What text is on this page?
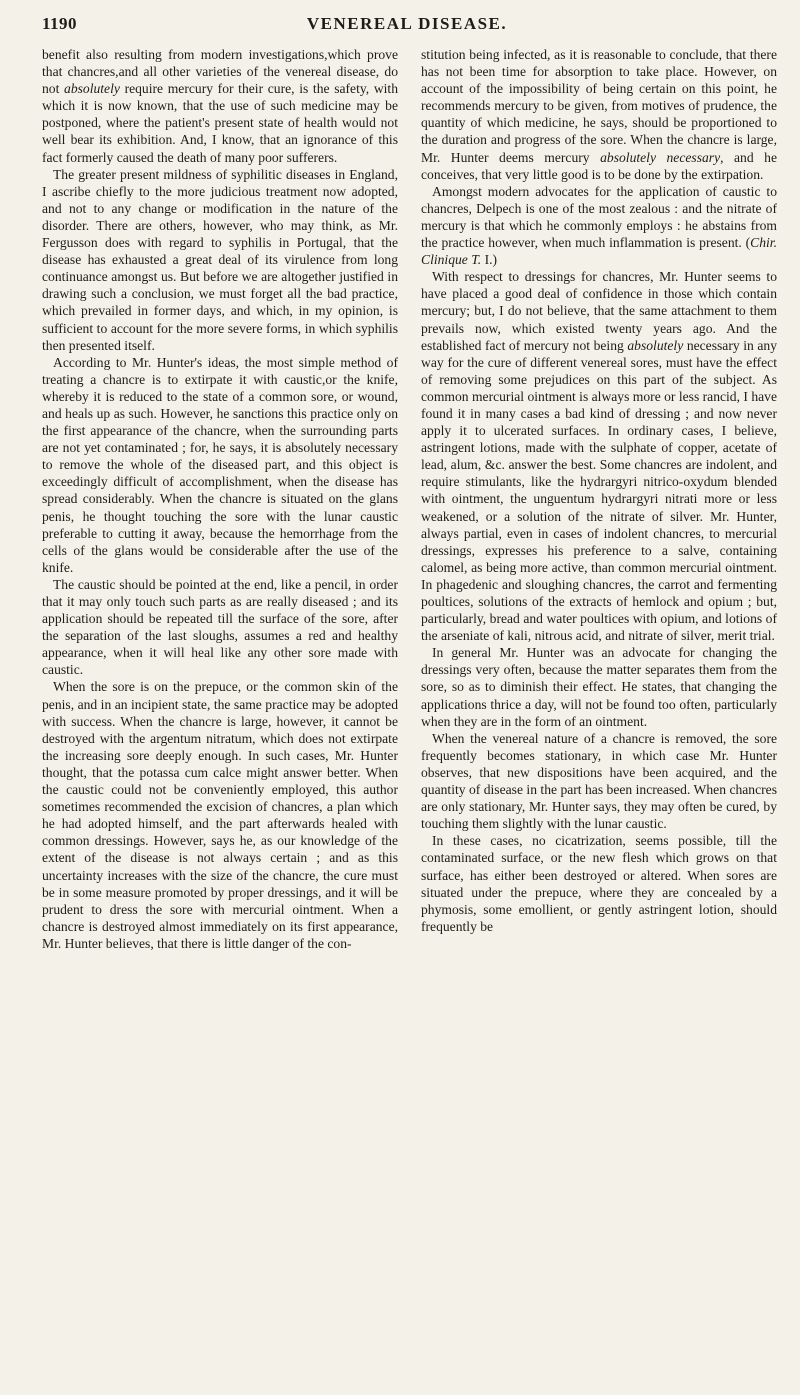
1190	VENEREAL DISEASE.

benefit also resulting from modern investigations,which prove that chancres,and all other varieties of the venereal disease, do not absolutely require mercury for their cure, is the safety, with which it is now known, that the use of such medicine may be postponed, where the patient's present state of health would not well bear its exhibition. And, I know, that an ignorance of this fact formerly caused the death of many poor sufferers.

The greater present mildness of syphilitic diseases in England, I ascribe chiefly to the more judicious treatment now adopted, and not to any change or modification in the nature of the disorder. There are others, however, who may think, as Mr. Fergusson does with regard to syphilis in Portugal, that the disease has exhausted a great deal of its virulence from long continuance amongst us. But before we are altogether justified in drawing such a conclusion, we must forget all the bad practice, which prevailed in former days, and which, in my opinion, is sufficient to account for the more severe forms, in which syphilis then presented itself.

According to Mr. Hunter's ideas, the most simple method of treating a chancre is to extirpate it with caustic,or the knife, whereby it is reduced to the state of a common sore, or wound, and heals up as such. However, he sanctions this practice only on the first appearance of the chancre, when the surrounding parts are not yet contaminated ; for, he says, it is absolutely necessary to remove the whole of the diseased part, and this object is exceedingly difficult of accomplishment, when the disease has spread considerably. When the chancre is situated on the glans penis, he thought touching the sore with the lunar caustic preferable to cutting it away, because the hemorrhage from the cells of the glans would be considerable after the use of the knife.

The caustic should be pointed at the end, like a pencil, in order that it may only touch such parts as are really diseased ; and its application should be repeated till the surface of the sore, after the separation of the last sloughs, assumes a red and healthy appearance, when it will heal like any other sore made with caustic.

When the sore is on the prepuce, or the common skin of the penis, and in an incipient state, the same practice may be adopted with success. When the chancre is large, however, it cannot be destroyed with the argentum nitratum, which does not extirpate the increasing sore deeply enough. In such cases, Mr. Hunter thought, that the potassa cum calce might answer better. When the caustic could not be conveniently employed, this author sometimes recommended the excision of chancres, a plan which he had adopted himself, and the part afterwards healed with common dressings. However, says he, as our knowledge of the extent of the disease is not always certain ; and as this uncertainty increases with the size of the chancre, the cure must be in some measure promoted by proper dressings, and it will be prudent to dress the sore with mercurial ointment. When a chancre is destroyed almost immediately on its first appearance, Mr. Hunter believes, that there is little danger of the con-

stitution being infected, as it is reasonable to conclude, that there has not been time for absorption to take place. However, on account of the impossibility of being certain on this point, he recommends mercury to be given, from motives of prudence, the quantity of which medicine, he says, should be proportioned to the duration and progress of the sore. When the chancre is large, Mr. Hunter deems mercury absolutely necessary, and he conceives, that very little good is to be done by the extirpation.

Amongst modern advocates for the application of caustic to chancres, Delpech is one of the most zealous : and the nitrate of mercury is that which he commonly employs : he abstains from the practice however, when much inflammation is present. (Chir. Clinique T. I.)

With respect to dressings for chancres, Mr. Hunter seems to have placed a good deal of confidence in those which contain mercury; but, I do not believe, that the same attachment to them prevails now, which existed twenty years ago. And the established fact of mercury not being absolutely necessary in any way for the cure of different venereal sores, must have the effect of removing some prejudices on this part of the subject. As common mercurial ointment is always more or less rancid, I have found it in many cases a bad kind of dressing ; and now never apply it to ulcerated surfaces. In ordinary cases, I believe, astringent lotions, made with the sulphate of copper, acetate of lead, alum, &c. answer the best. Some chancres are indolent, and require stimulants, like the hydrargyri nitrico-oxydum blended with ointment, the unguentum hydrargyri nitrati more or less weakened, or a solution of the nitrate of silver. Mr. Hunter, always partial, even in cases of indolent chancres, to mercurial dressings, expresses his preference to a salve, containing calomel, as being more active, than common mercurial ointment. In phagedenic and sloughing chancres, the carrot and fermenting poultices, solutions of the extracts of hemlock and opium ; but, particularly, bread and water poultices with opium, and lotions of the arseniate of kali, nitrous acid, and nitrate of silver, merit trial.

In general Mr. Hunter was an advocate for changing the dressings very often, because the matter separates them from the sore, so as to diminish their effect. He states, that changing the applications thrice a day, will not be found too often, particularly when they are in the form of an ointment.

When the venereal nature of a chancre is removed, the sore frequently becomes stationary, in which case Mr. Hunter observes, that new dispositions have been acquired, and the quantity of disease in the part has been increased. When chancres are only stationary, Mr. Hunter says, they may often be cured, by touching them slightly with the lunar caustic.

In these cases, no cicatrization, seems possible, till the contaminated surface, or the new flesh which grows on that surface, has either been destroyed or altered. When sores are situated under the prepuce, where they are concealed by a phymosis, some emollient, or gently astringent lotion, should frequently be
